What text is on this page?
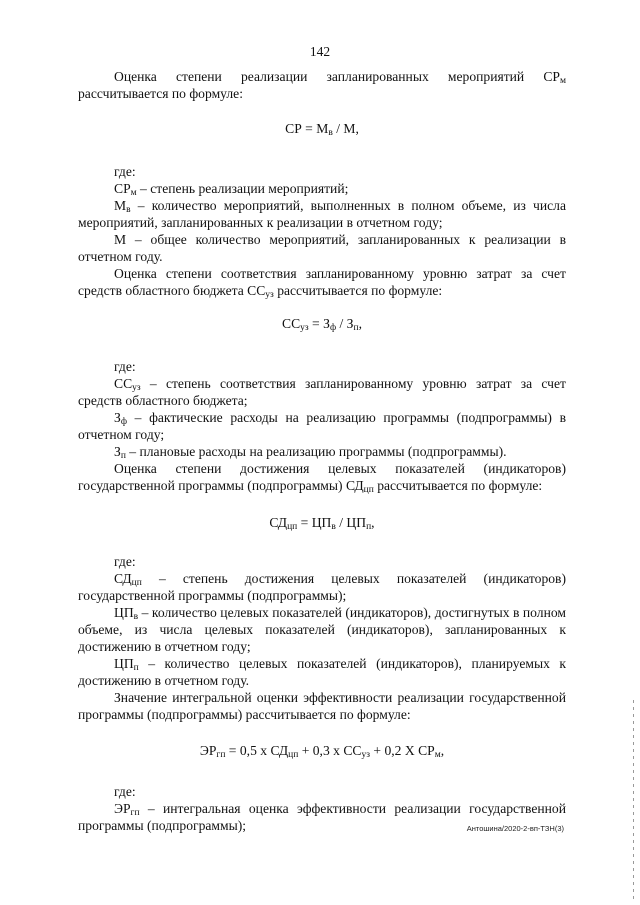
142

Оценка степени реализации запланированных мероприятий $СР_м$ рассчитывается по формуле:

СР = $М_в$ / М,

где:

$СР_м$ – степень реализации мероприятий;

$М_в$ – количество мероприятий, выполненных в полном объеме, из числа мероприятий, запланированных к реализации в отчетном году;

М – общее количество мероприятий, запланированных к реализации в отчетном году.

Оценка степени соответствия запланированному уровню затрат за счет средств областного бюджета $СС_{уз}$ рассчитывается по формуле:

$СС_{уз} = З_ф / З_п$,

где:

$СС_{уз}$ – степень соответствия запланированному уровню затрат за счет средств областного бюджета;

$З_ф$ – фактические расходы на реализацию программы (подпрограммы) в отчетном году;

$З_п$ – плановые расходы на реализацию программы (подпрограммы).

Оценка степени достижения целевых показателей (индикаторов) государственной программы (подпрограммы) $СД_{цп}$ рассчитывается по формуле:

$СД_{цп} = ЦП_в / ЦП_п$,

где:

$СД_{цп}$ – степень достижения целевых показателей (индикаторов) государственной программы (подпрограммы);

$ЦП_в$ – количество целевых показателей (индикаторов), достигнутых в полном объеме, из числа целевых показателей (индикаторов), запланированных к достижению в отчетном году;

$ЦП_п$ – количество целевых показателей (индикаторов), планируемых к достижению в отчетном году.

Значение интегральной оценки эффективности реализации государственной программы (подпрограммы) рассчитывается по формуле:

$ЭР_{гп} = 0,5$ х $СД_{цп} + 0,3$ х $СС_{уз} + 0,2$ Х $СР_м$,

где:

$ЭР_{гп}$ – интегральная оценка эффективности реализации государственной программы (подпрограммы);	Антошина/2020-2-вп-ТЗН(3)
